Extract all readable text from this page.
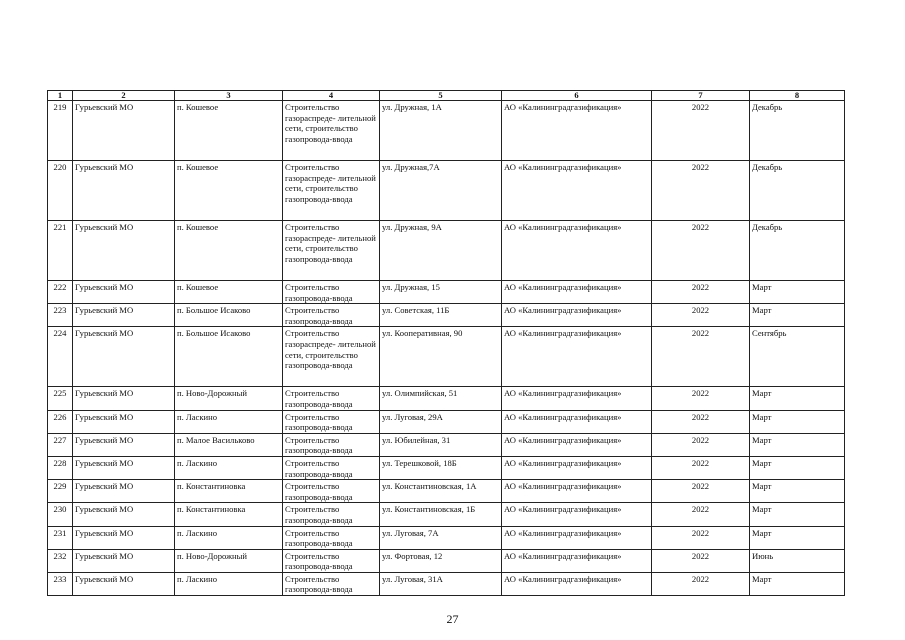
1	2	3	4	5	6	7	8
219	Гурьевский МО	п. Кошевое	Строительство газораспреде- лительной сети, строительство газопровода-ввода	ул. Дружная, 1А	АО «Калининградгазификация»	2022	Декабрь
220	Гурьевский МО	п. Кошевое	Строительство газораспреде- лительной сети, строительство газопровода-ввода	ул. Дружная,7А	АО «Калининградгазификация»	2022	Декабрь
221	Гурьевский МО	п. Кошевое	Строительство газораспреде- лительной сети, строительство газопровода-ввода	ул. Дружная, 9А	АО «Калининградгазификация»	2022	Декабрь
222	Гурьевский МО	п. Кошевое	Строительство газопровода-ввода	ул. Дружная, 15	АО «Калининградгазификация»	2022	Март
223	Гурьевский МО	п. Большое Исаково	Строительство газопровода-ввода	ул. Советская, 11Б	АО «Калининградгазификация»	2022	Март
224	Гурьевский МО	п. Большое Исаково	Строительство газораспреде- лительной сети, строительство газопровода-ввода	ул. Кооперативная, 90	АО «Калининградгазификация»	2022	Сентябрь
225	Гурьевский МО	п. Ново-Дорожный	Строительство газопровода-ввода	ул. Олимпийская, 51	АО «Калининградгазификация»	2022	Март
226	Гурьевский МО	п. Ласкино	Строительство газопровода-ввода	ул. Луговая, 29А	АО «Калининградгазификация»	2022	Март
227	Гурьевский МО	п. Малое Васильково	Строительство газопровода-ввода	ул. Юбилейная, 31	АО «Калининградгазификация»	2022	Март
228	Гурьевский МО	п. Ласкино	Строительство газопровода-ввода	ул. Терешковой, 18Б	АО «Калининградгазификация»	2022	Март
229	Гурьевский МО	п. Константиновка	Строительство газопровода-ввода	ул. Константиновская, 1А	АО «Калининградгазификация»	2022	Март
230	Гурьевский МО	п. Константиновка	Строительство газопровода-ввода	ул. Константиновская, 1Б	АО «Калининградгазификация»	2022	Март
231	Гурьевский МО	п. Ласкино	Строительство газопровода-ввода	ул. Луговая, 7А	АО «Калининградгазификация»	2022	Март
232	Гурьевский МО	п. Ново-Дорожный	Строительство газопровода-ввода	ул. Фортовая, 12	АО «Калининградгазификация»	2022	Июнь
233	Гурьевский МО	п. Ласкино	Строительство газопровода-ввода	ул. Луговая, 31А	АО «Калининградгазификация»	2022	Март
27
